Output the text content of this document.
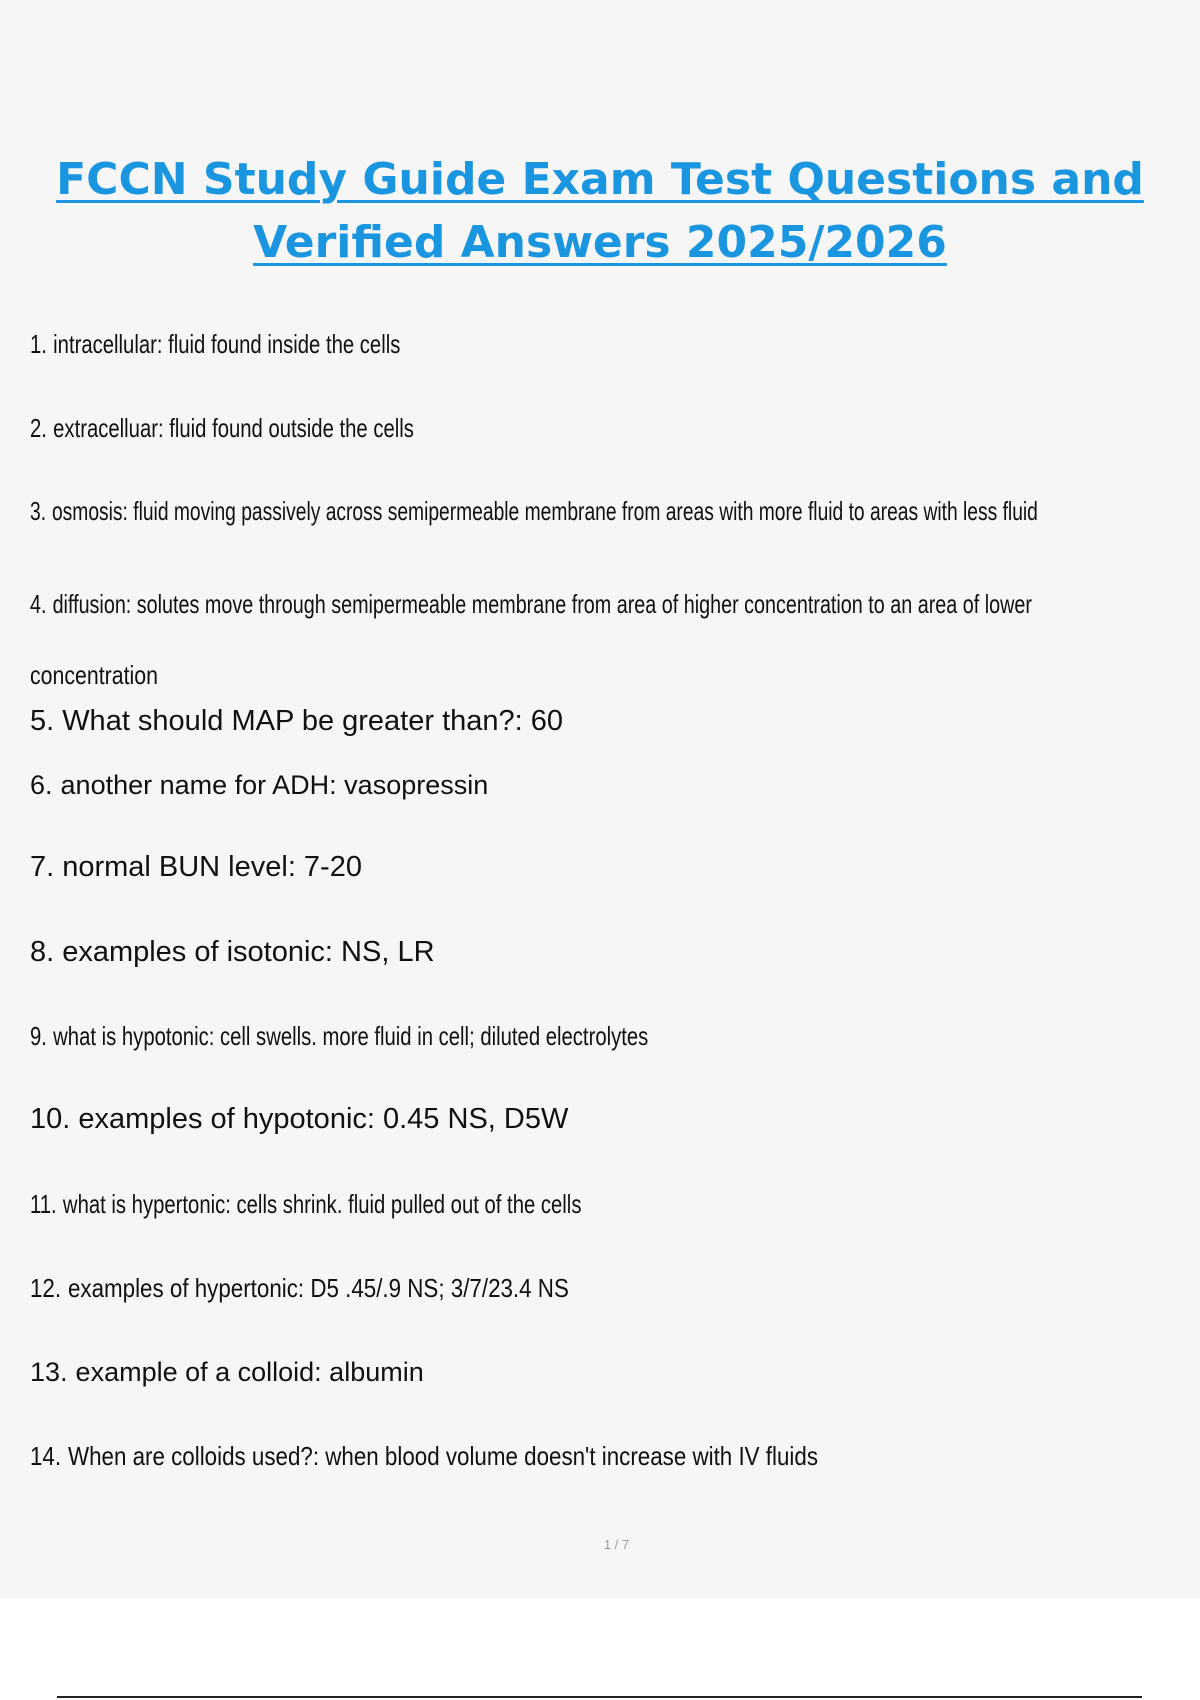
FCCN Study Guide Exam Test Questions and
Verified Answers 2025/2026
1. intracellular: fluid found inside the cells
2. extracelluar: fluid found outside the cells
3. osmosis: fluid moving passively across semipermeable membrane from areas with more fluid to areas with less fluid
4. diffusion: solutes move through semipermeable membrane from area of higher concentration to an area of lower
concentration
5. What should MAP be greater than?: 60
6. another name for ADH: vasopressin
7. normal BUN level: 7-20
8. examples of isotonic: NS, LR
9. what is hypotonic: cell swells. more fluid in cell; diluted electrolytes
10. examples of hypotonic: 0.45 NS, D5W
11. what is hypertonic: cells shrink. fluid pulled out of the cells
12. examples of hypertonic: D5 .45/.9 NS; 3/7/23.4 NS
13. example of a colloid: albumin
14. When are colloids used?: when blood volume doesn't increase with IV fluids
1 / 7
